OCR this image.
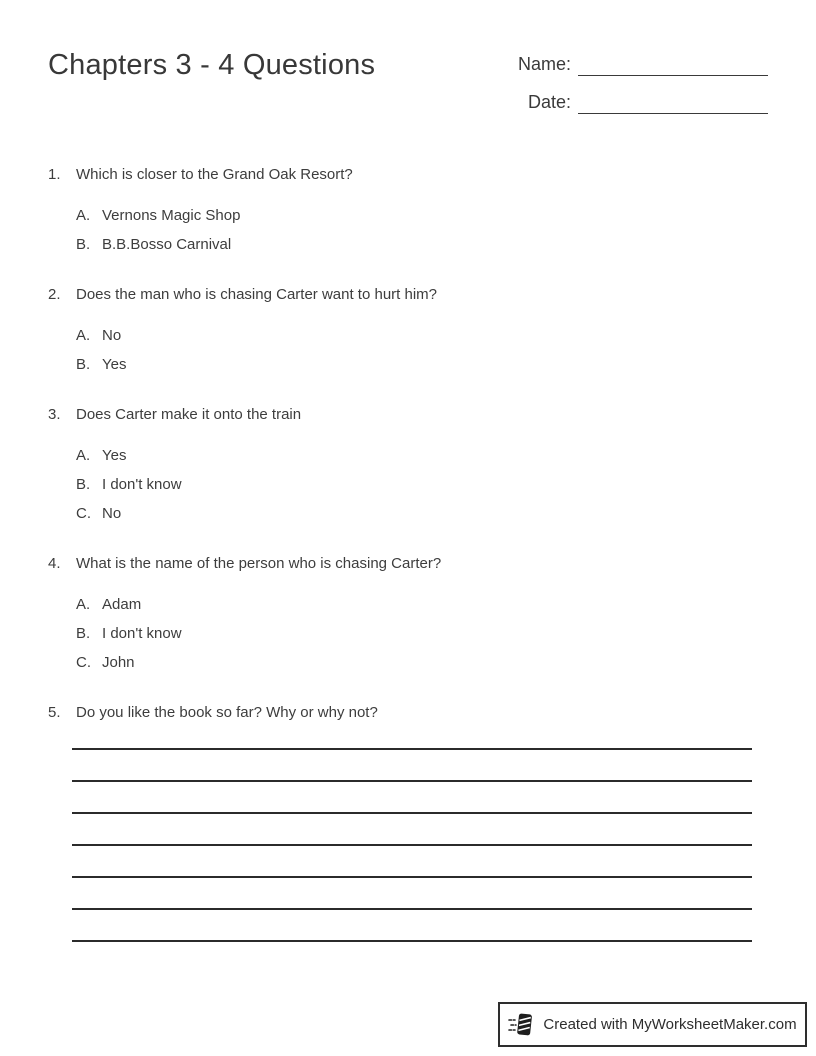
Chapters 3 - 4 Questions	Name:
Date:
1.	Which is closer to the Grand Oak Resort?
A. Vernons Magic Shop
B. B.B.Bosso Carnival
2.	Does the man who is chasing Carter want to hurt him?
A. No
B. Yes
3.	Does Carter make it onto the train
A. Yes
B. I don't know
C. No
4.	What is the name of the person who is chasing Carter?
A. Adam
B. I don't know
C. John
5.	Do you like the book so far? Why or why not?
Created with MyWorksheetMaker.com
